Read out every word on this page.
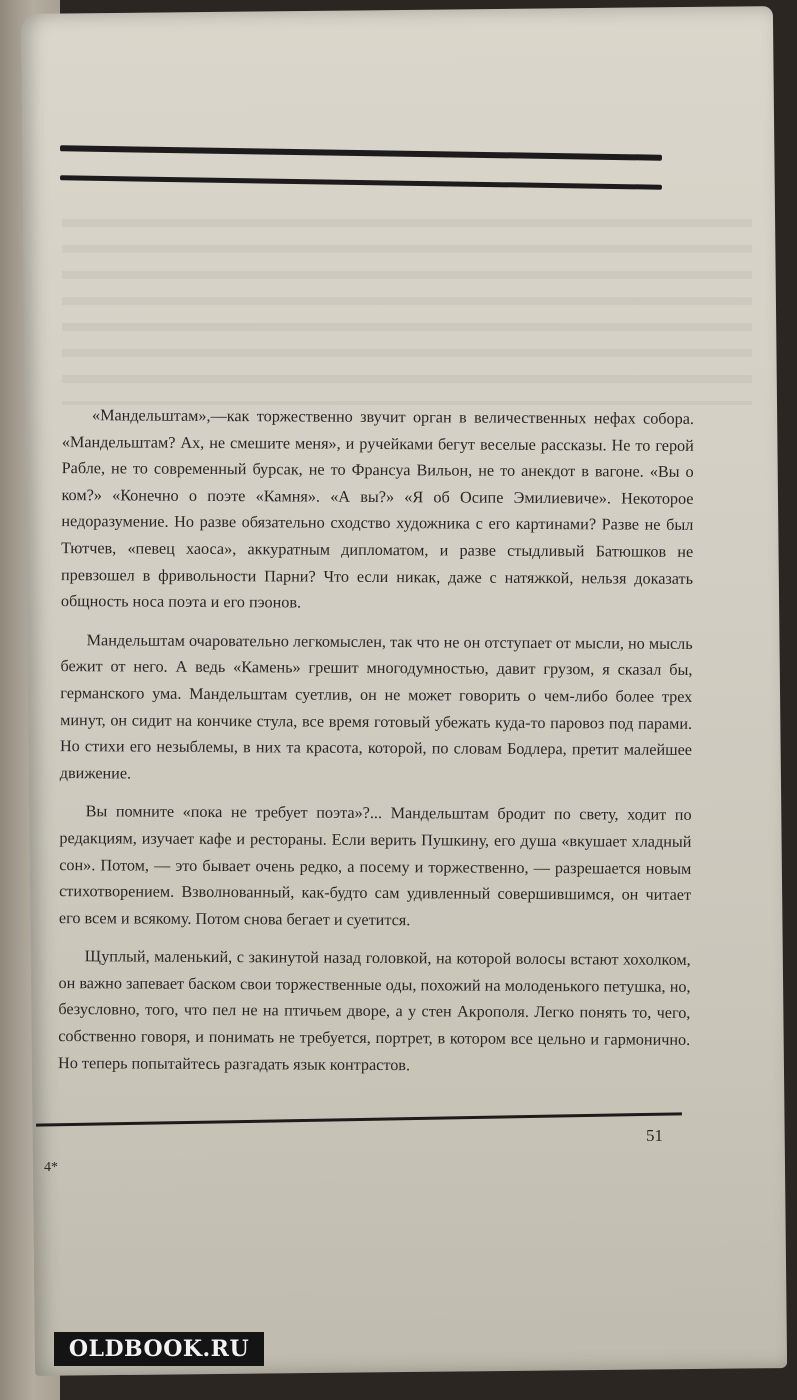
«Мандельштам»,—как торжественно звучит орган в величественных нефах собора. «Мандельштам? Ах, не смешите меня», и ручейками бегут веселые рассказы. Не то герой Рабле, не то современный бурсак, не то Франсуа Вильон, не то анекдот в вагоне. «Вы о ком?» «Конечно о поэте «Камня». «А вы?» «Я об Осипе Эмилиевиче». Некоторое недоразумение. Но разве обязательно сходство художника с его картинами? Разве не был Тютчев, «певец хаоса», аккуратным дипломатом, и разве стыдливый Батюшков не превзошел в фривольности Парни? Что если никак, даже с натяжкой, нельзя доказать общность носа поэта и его пэонов.

Мандельштам очаровательно легкомыслен, так что не он отступает от мысли, но мысль бежит от него. А ведь «Камень» грешит многодумностью, давит грузом, я сказал бы, германского ума. Мандельштам суетлив, он не может говорить о чем-либо более трех минут, он сидит на кончике стула, все время готовый убежать куда-то паровоз под парами. Но стихи его незыблемы, в них та красота, которой, по словам Бодлера, претит малейшее движение.

Вы помните «пока не требует поэта»?... Мандельштам бродит по свету, ходит по редакциям, изучает кафе и рестораны. Если верить Пушкину, его душа «вкушает хладный сон». Потом, — это бывает очень редко, а посему и торжественно, — разрешается новым стихотворением. Взволнованный, как-будто сам удивленный совершившимся, он читает его всем и всякому. Потом снова бегает и суетится.

Щуплый, маленький, с закинутой назад головкой, на которой волосы встают хохолком, он важно запевает баском свои торжественные оды, похожий на молоденького петушка, но, безусловно, того, что пел не на птичьем дворе, а у стен Акрополя. Легко понять то, чего, собственно говоря, и понимать не требуется, портрет, в котором все цельно и гармонично. Но теперь попытайтесь разгадать язык контрастов.

51
4*
OLDBOOK.RU
